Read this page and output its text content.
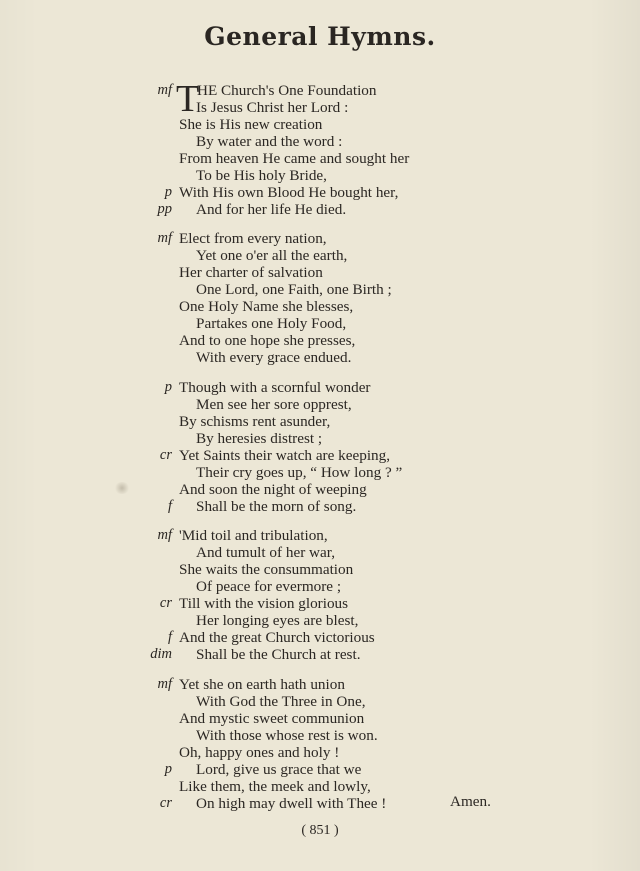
General Hymns.
T
mf HE Church's One Foundation
Is Jesus Christ her Lord :
She is His new creation
By water and the word :
From heaven He came and sought her
To be His holy Bride,
p With His own Blood He bought her,
pp And for her life He died.
mf Elect from every nation,
Yet one o'er all the earth,
Her charter of salvation
One Lord, one Faith, one Birth ;
One Holy Name she blesses,
Partakes one Holy Food,
And to one hope she presses,
With every grace endued.
p Though with a scornful wonder
Men see her sore opprest,
By schisms rent asunder,
By heresies distrest ;
cr Yet Saints their watch are keeping,
Their cry goes up, “ How long ? ”
And soon the night of weeping
f Shall be the morn of song.
mf 'Mid toil and tribulation,
And tumult of her war,
She waits the consummation
Of peace for evermore ;
cr Till with the vision glorious
Her longing eyes are blest,
f And the great Church victorious
dim Shall be the Church at rest.
mf Yet she on earth hath union
With God the Three in One,
And mystic sweet communion
With those whose rest is won.
Oh, happy ones and holy !
p Lord, give us grace that we
Like them, the meek and lowly,
cr On high may dwell with Thee !	Amen.
( 851 )
